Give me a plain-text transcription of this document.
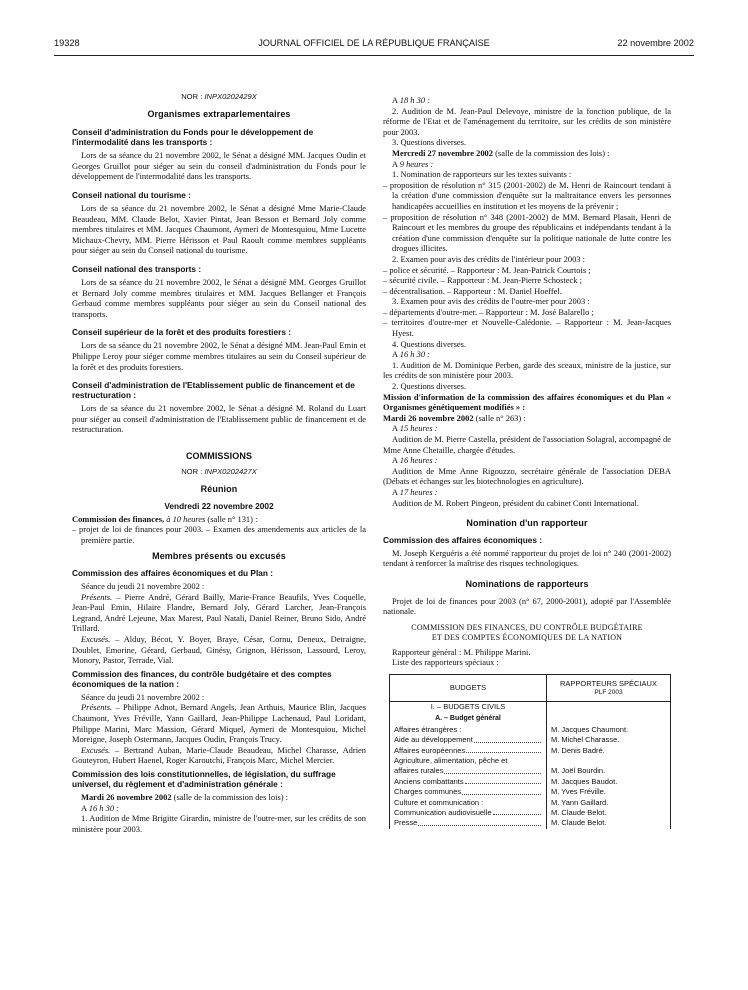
19328	JOURNAL OFFICIEL DE LA RÉPUBLIQUE FRANÇAISE	22 novembre 2002
NOR : INPX0202429X
Organismes extraparlementaires
Conseil d'administration du Fonds pour le développement de l'intermodalité dans les transports :

Lors de sa séance du 21 novembre 2002, le Sénat a désigné MM. Jacques Oudin et Georges Gruillot pour siéger au sein du conseil d'administration du Fonds pour le développement de l'intermodalité dans les transports.

Conseil national du tourisme :

Lors de sa séance du 21 novembre 2002, le Sénat a désigné Mme Marie-Claude Beaudeau, MM. Claude Belot, Xavier Pintat, Jean Besson et Bernard Joly comme membres titulaires et MM. Jacques Chaumont, Aymeri de Montesquiou, Mme Lucette Michaux-Chevry, MM. Pierre Hérisson et Paul Raoult comme membres suppléants pour siéger au sein du Conseil national du tourisme.

Conseil national des transports :

Lors de sa séance du 21 novembre 2002, le Sénat a désigné MM. Georges Gruillot et Bernard Joly comme membres titulaires et MM. Jacques Bellanger et François Gerbaud comme membres suppléants pour siéger au sein du Conseil national des transports.

Conseil supérieur de la forêt et des produits forestiers :

Lors de sa séance du 21 novembre 2002, le Sénat a désigné MM. Jean-Paul Emin et Philippe Leroy pour siéger comme membres titulaires au sein du Conseil supérieur de la forêt et des produits forestiers.

Conseil d'administration de l'Etablissement public de financement et de restructuration :

Lors de sa séance du 21 novembre 2002, le Sénat a désigné M. Roland du Luart pour siéger au conseil d'administration de l'Etablissement public de financement et de restructuration.

COMMISSIONS
NOR : INPX0202427X
Réunion
Vendredi 22 novembre 2002

Commission des finances, à 10 heures (salle n° 131) :

– projet de loi de finances pour 2003. – Examen des amendements aux articles de la première partie.

Membres présents ou excusés
Commission des affaires économiques et du Plan :

Séance du jeudi 21 novembre 2002 :

Présents. – Pierre André, Gérard Bailly, Marie-France Beaufils, Yves Coquelle, Jean-Paul Emin, Hilaire Flandre, Bernard Joly, Gérard Larcher, Jean-François Legrand, André Lejeune, Max Marest, Paul Natali, Daniel Reiner, Bruno Sido, André Trillard.

Excusés. – Alduy, Bécot, Y. Boyer, Braye, César, Cornu, Deneux, Detraigne, Doublet, Emorine, Gérard, Gerbaud, Ginésy, Grignon, Hérisson, Lassourd, Leroy, Monory, Pastor, Terrade, Vial.

Commission des finances, du contrôle budgétaire et des comptes économiques de la nation :

Séance du jeudi 21 novembre 2002 :

Présents. – Philippe Adnot, Bernard Angels, Jean Arthuis, Maurice Blin, Jacques Chaumont, Yves Fréville, Yann Gaillard, Jean-Philippe Lachenaud, Paul Loridant, Philippe Marini, Marc Massion, Gérard Miquel, Aymeri de Montesquiou, Michel Moreigne, Joseph Ostermann, Jacques Oudin, François Trucy.

Excusés. – Bertrand Auban, Marie-Claude Beaudeau, Michel Charasse, Adrien Gouteyron, Hubert Haenel, Roger Karoutchi, François Marc, Michel Mercier.

Commission des lois constitutionnelles, de législation, du suffrage universel, du règlement et d'administration générale :

Mardi 26 novembre 2002 (salle de la commission des lois) :

A 16 h 30 :

1. Audition de Mme Brigitte Girardin, ministre de l'outre-mer, sur les crédits de son ministère pour 2003.

A 18 h 30 :

2. Audition de M. Jean-Paul Delevoye, ministre de la fonction publique, de la réforme de l'Etat et de l'aménagement du territoire, sur les crédits de son ministère pour 2003.

3. Questions diverses.

Mercredi 27 novembre 2002 (salle de la commission des lois) :

A 9 heures :

1. Nomination de rapporteurs sur les textes suivants :

– proposition de résolution n° 315 (2001-2002) de M. Henri de Raincourt tendant à la création d'une commission d'enquête sur la maltraitance envers les personnes handicapées accueillies en institution et les moyens de la prévenir ;

– proposition de résolution n° 348 (2001-2002) de MM. Bernard Plasait, Henri de Raincourt et les membres du groupe des républicains et indépendants tendant à la création d'une commission d'enquête sur la politique nationale de lutte contre les drogues illicites.

2. Examen pour avis des crédits de l'intérieur pour 2003 :

– police et sécurité. – Rapporteur : M. Jean-Patrick Courtois ;

– sécurité civile. – Rapporteur : M. Jean-Pierre Schosteck ;

– décentralisation. – Rapporteur : M. Daniel Hoeffel.

3. Examen pour avis des crédits de l'outre-mer pour 2003 :

– départements d'outre-mer. – Rapporteur : M. José Balarello ;

– territoires d'outre-mer et Nouvelle-Calédonie. – Rapporteur : M. Jean-Jacques Hyest.

4. Questions diverses.

A 16 h 30 :

1. Audition de M. Dominique Perben, garde des sceaux, ministre de la justice, sur les crédits de son ministère pour 2003.

2. Questions diverses.

Mission d'information de la commission des affaires économiques et du Plan « Organismes génétiquement modifiés » :

Mardi 26 novembre 2002 (salle n° 263) :

A 15 heures :

Audition de M. Pierre Castella, président de l'association Solagral, accompagné de Mme Anne Chetaille, chargée d'études.

A 16 heures :

Audition de Mme Anne Rigouzzo, secrétaire générale de l'association DEBA (Débats et échanges sur les biotechnologies en agriculture).

A 17 heures :

Audition de M. Robert Pingeon, président du cabinet Conti International.

Nomination d'un rapporteur
Commission des affaires économiques :

M. Joseph Kerguéris a été nommé rapporteur du projet de loi n° 240 (2001-2002) tendant à renforcer la maîtrise des risques technologiques.

Nominations de rapporteurs

Projet de loi de finances pour 2003 (n° 67, 2000-2001), adopté par l'Assemblée nationale.

COMMISSION DES FINANCES, DU CONTRÔLE BUDGÉTAIRE
ET DES COMPTES ÉCONOMIQUES DE LA NATION

Rapporteur général : M. Philippe Marini.

Liste des rapporteurs spéciaux :

BUDGETS	RAPPORTEURS SPÉCIAUX
PLF 2003

I. – BUDGETS CIVILS
A. – Budget général	

Affaires étrangères :	M. Jacques Chaumont.

Aide au développement	M. Michel Charasse.

Affaires européennes	M. Denis Badré.

Agriculture, alimentation, pêche et	

affaires rurales	M. Joël Bourdin.

Anciens combattants	M. Jacques Baudot.

Charges communes	M. Yves Fréville.

Culture et communication :	M. Yann Gaillard.

Communication audiovisuelle	M. Claude Belot.

Presse	M. Claude Belot.
